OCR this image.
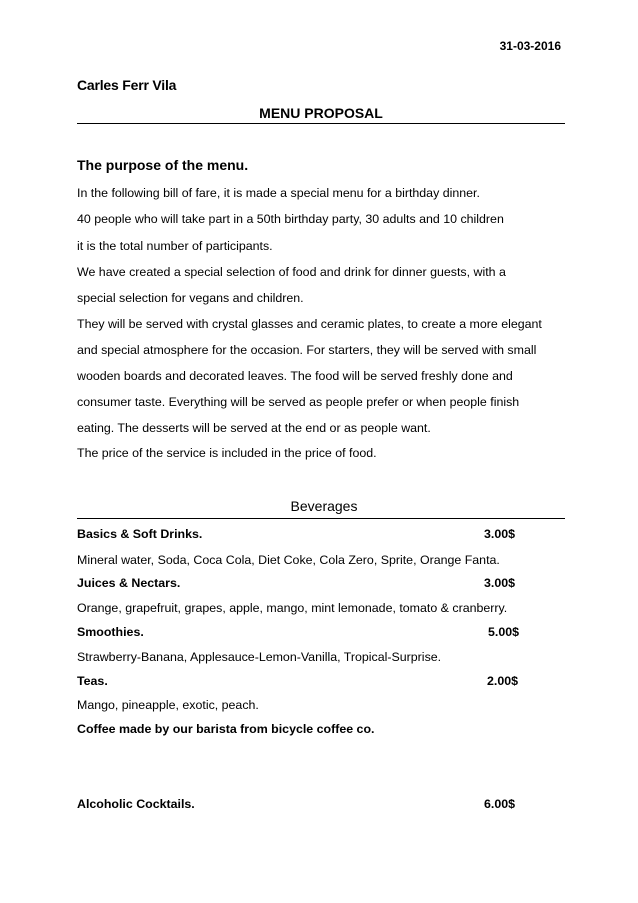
31-03-2016
Carles Ferr Vila
MENU PROPOSAL
The purpose of the menu.
In the following bill of fare, it is made a special menu for a birthday dinner.
40 people who will take part in a 50th birthday party, 30 adults and 10 children
it is the total number of participants.
We have created a special selection of food and drink for dinner guests, with a
special selection for vegans and children.
They will be served with crystal glasses and ceramic plates, to create a more elegant
and special atmosphere for the occasion. For starters, they will be served with small
wooden boards and decorated leaves. The food will be served freshly done and
consumer taste. Everything will be served as people prefer or when people finish
eating. The desserts will be served at the end or as people want.
The price of the service is included in the price of food.
Beverages
Basics & Soft Drinks.	3.00$
Mineral water, Soda, Coca Cola, Diet Coke, Cola Zero, Sprite, Orange Fanta.
Juices & Nectars.	3.00$
Orange, grapefruit, grapes, apple, mango, mint lemonade, tomato & cranberry.
Smoothies.	5.00$
Strawberry-Banana, Applesauce-Lemon-Vanilla, Tropical-Surprise.
Teas.	2.00$
Mango, pineapple, exotic, peach.
Coffee made by our barista from bicycle coffee co.
Alcoholic Cocktails.	6.00$
